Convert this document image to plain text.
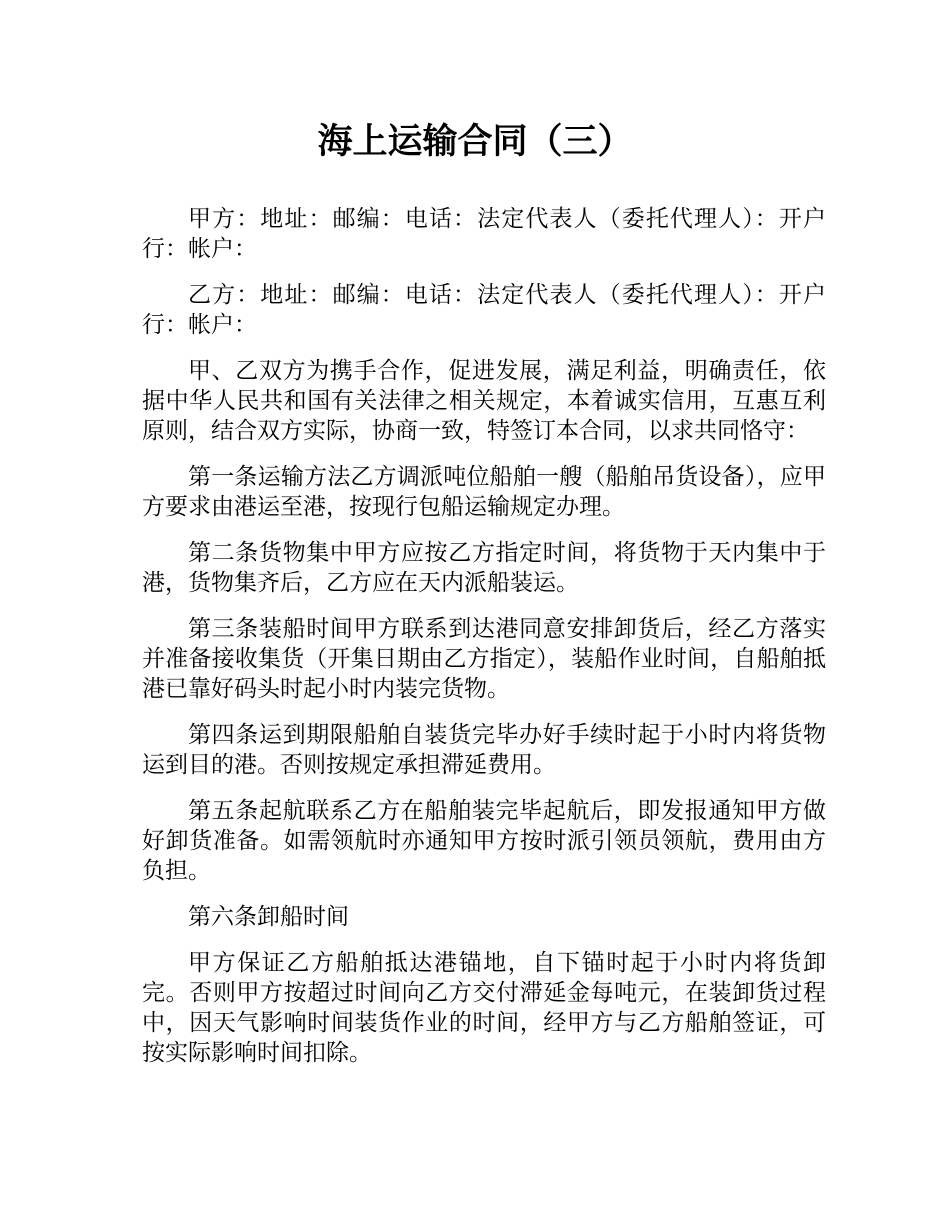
海上运输合同（三）

甲方：地址：邮编：电话：法定代表人（委托代理人）：开户行：帐户：

乙方：地址：邮编：电话：法定代表人（委托代理人）：开户行：帐户：

甲、乙双方为携手合作，促进发展，满足利益，明确责任，依据中华人民共和国有关法律之相关规定，本着诚实信用，互惠互利原则，结合双方实际，协商一致，特签订本合同，以求共同恪守：

第一条运输方法乙方调派吨位船舶一艘（船舶吊货设备），应甲方要求由港运至港，按现行包船运输规定办理。

第二条货物集中甲方应按乙方指定时间，将货物于天内集中于港，货物集齐后，乙方应在天内派船装运。

第三条装船时间甲方联系到达港同意安排卸货后，经乙方落实并准备接收集货（开集日期由乙方指定），装船作业时间，自船舶抵港已靠好码头时起小时内装完货物。

第四条运到期限船舶自装货完毕办好手续时起于小时内将货物运到目的港。否则按规定承担滞延费用。

第五条起航联系乙方在船舶装完毕起航后，即发报通知甲方做好卸货准备。如需领航时亦通知甲方按时派引领员领航，费用由方负担。

第六条卸船时间

甲方保证乙方船舶抵达港锚地，自下锚时起于小时内将货卸完。否则甲方按超过时间向乙方交付滞延金每吨元，在装卸货过程中，因天气影响时间装货作业的时间，经甲方与乙方船舶签证，可按实际影响时间扣除。
